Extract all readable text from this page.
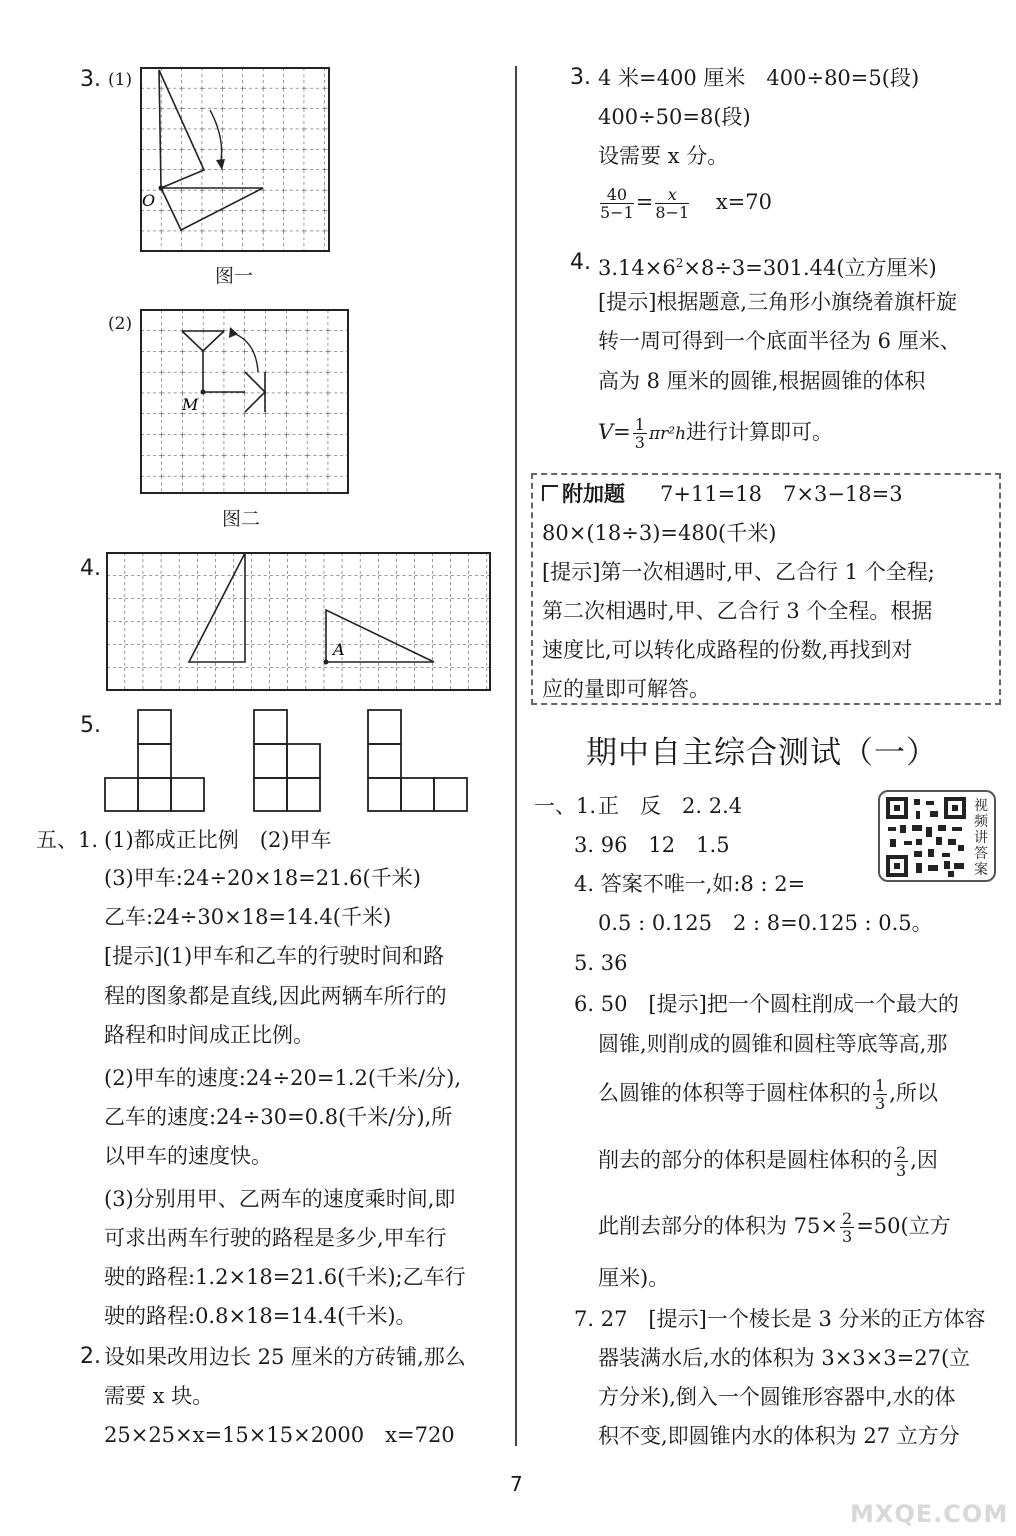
3. (1)
O
图一
(2)
M
图二
4.
A
5.
五、1. (1)都成正比例　(2)甲车
(3)甲车:24÷20×18=21.6(千米)
乙车:24÷30×18=14.4(千米)
[提示](1)甲车和乙车的行驶时间和路
程的图象都是直线,因此两辆车所行的
路程和时间成正比例。
(2)甲车的速度:24÷20=1.2(千米/分),
乙车的速度:24÷30=0.8(千米/分),所
以甲车的速度快。
(3)分别用甲、乙两车的速度乘时间,即
可求出两车行驶的路程是多少,甲车行
驶的路程:1.2×18=21.6(千米);乙车行
驶的路程:0.8×18=14.4(千米)。
2. 设如果改用边长 25 厘米的方砖铺,那么
需要 x 块。
25×25×x=15×15×2000　x=720
3. 4 米=400 厘米　400÷80=5(段)
400÷50=8(段)
设需要 x 分。
$\frac{40}{5-1} = \frac{x}{8-1} x=70$
4. $3.14\times 6^2\times 8\div 3=301.44$(立方厘米)
[提示]根据题意,三角形小旗绕着旗杆旋
转一周可得到一个底面半径为 6 厘米、
高为 8 厘米的圆锥,根据圆锥的体积
$V= \frac{1}{3} \pi r^2h$进行计算即可。
附加题 7+11=18　7×3−18=3
80×(18÷3)=480(千米)
[提示]第一次相遇时,甲、乙合行 1 个全程;
第二次相遇时,甲、乙合行 3 个全程。根据
速度比,可以转化成路程的份数,再找到对
应的量即可解答。
期中自主综合测试（一）
视频讲答案
一、1. 正　反　2. 2.4
3. 96　12　1.5
4. 答案不唯一,如:8 : 2=
0.5 : 0.125　2 : 8=0.125 : 0.5。
5. 36
6. 50　[提示]把一个圆柱削成一个最大的
圆锥,则削成的圆锥和圆柱等底等高,那
么圆锥的体积等于圆柱体积的 $\frac{1}{3}$ ,所以
削去的部分的体积是圆柱体积的 $\frac{2}{3}$ ,因
此削去部分的体积为 $75\times \frac{2}{3} =50$(立方
厘米)。
7. 27　[提示]一个棱长是 3 分米的正方体容
器装满水后,水的体积为 3×3×3=27(立
方分米),倒入一个圆锥形容器中,水的体
积不变,即圆锥内水的体积为 27 立方分
7
MXQE.COM
